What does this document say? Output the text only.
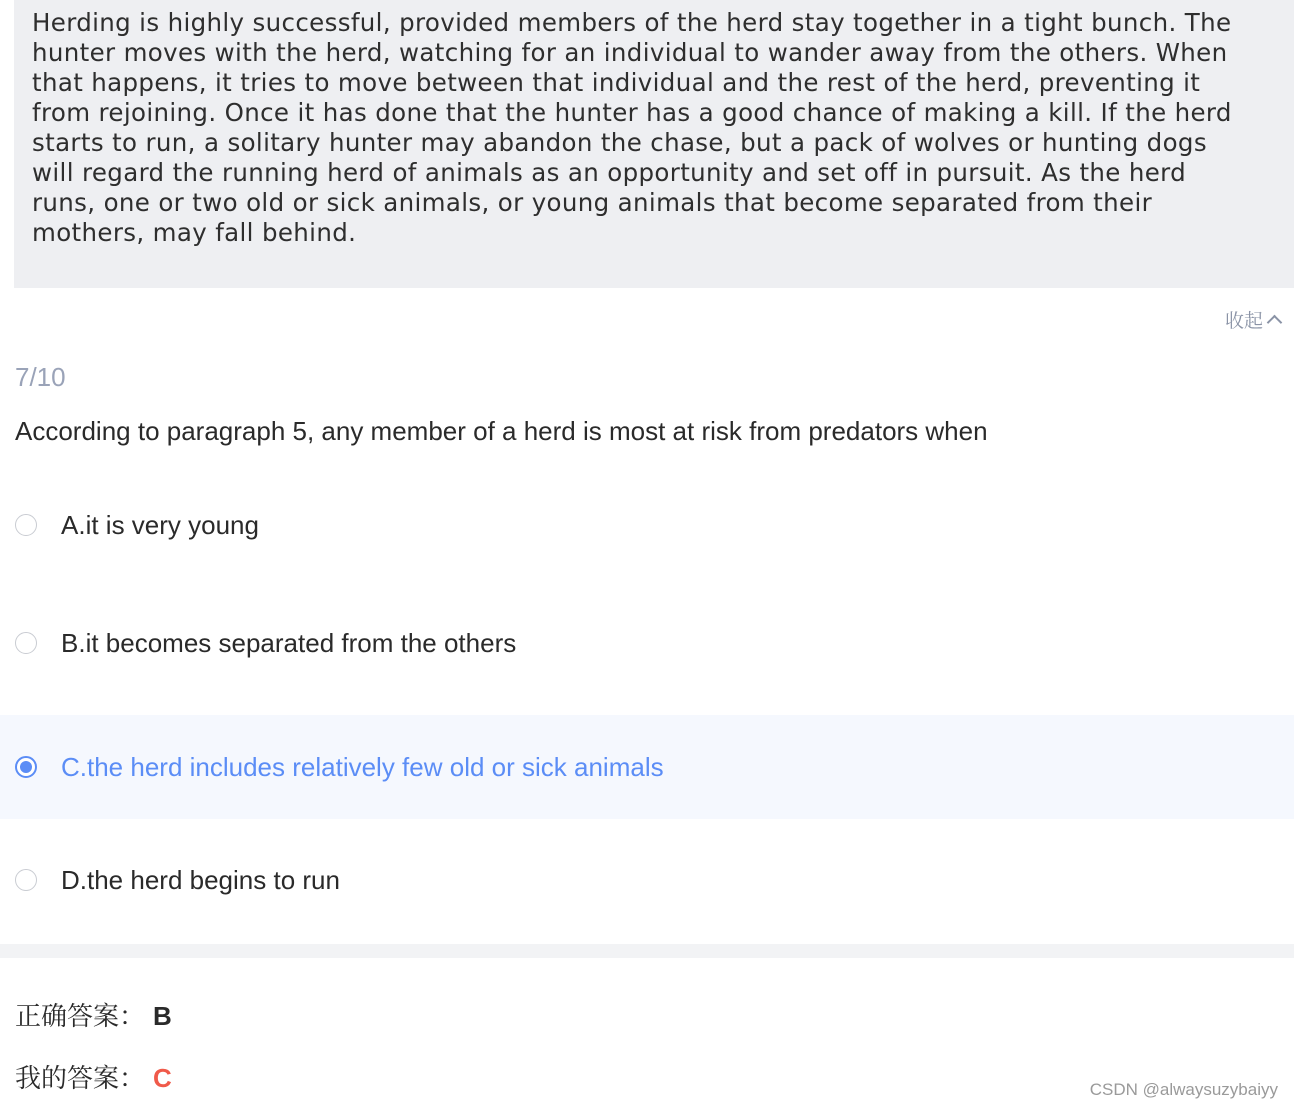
Herding is highly successful, provided members of the herd stay together in a tight bunch. The
hunter moves with the herd, watching for an individual to wander away from the others. When
that happens, it tries to move between that individual and the rest of the herd, preventing it
from rejoining. Once it has done that the hunter has a good chance of making a kill. If the herd
starts to run, a solitary hunter may abandon the chase, but a pack of wolves or hunting dogs
will regard the running herd of animals as an opportunity and set off in pursuit. As the herd
runs, one or two old or sick animals, or young animals that become separated from their
mothers, may fall behind.

收起
7/10
According to paragraph 5, any member of a herd is most at risk from predators when
A.it is very young
B.it becomes separated from the others
C.the herd includes relatively few old or sick animals
D.the herd begins to run
正确答案： B
我的答案： C	CSDN @alwaysuzybaiyy
